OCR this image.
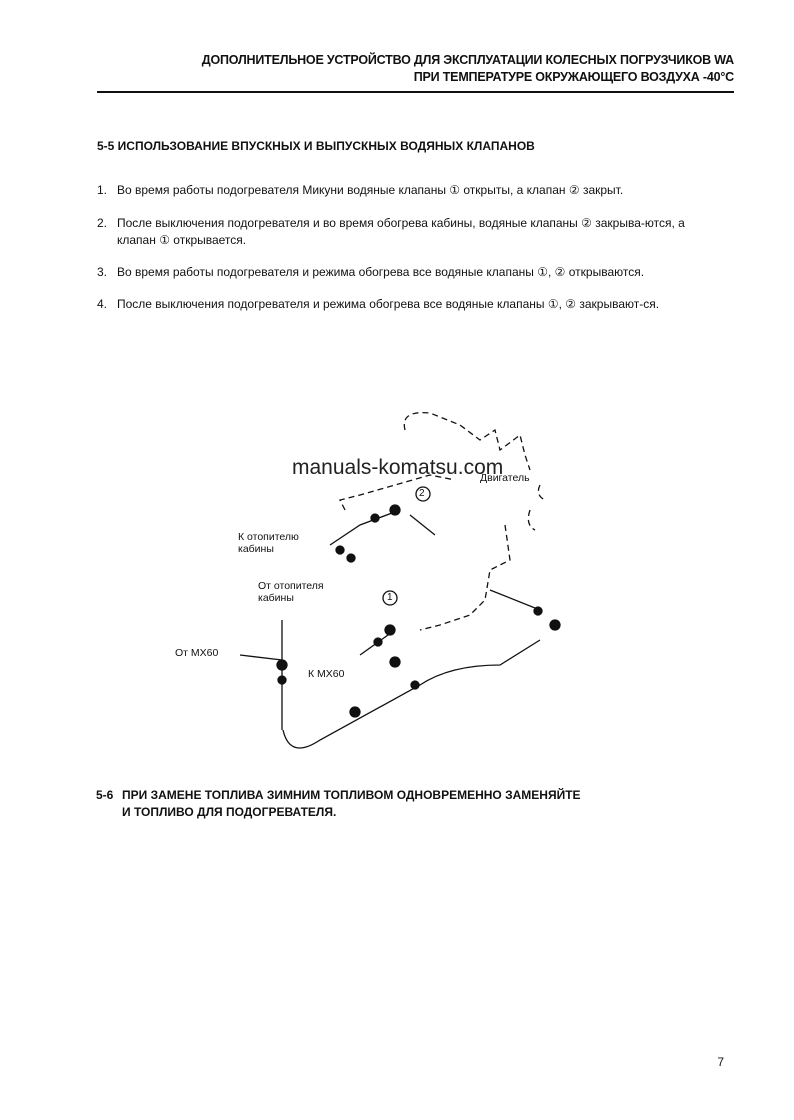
ДОПОЛНИТЕЛЬНОЕ УСТРОЙСТВО ДЛЯ ЭКСПЛУАТАЦИИ КОЛЕСНЫХ ПОГРУЗЧИКОВ WA
ПРИ ТЕМПЕРАТУРЕ ОКРУЖАЮЩЕГО ВОЗДУХА -40°С
5-5 ИСПОЛЬЗОВАНИЕ ВПУСКНЫХ И ВЫПУСКНЫХ ВОДЯНЫХ КЛАПАНОВ
1. Во время работы подогревателя Микуни водяные клапаны ① открыты, а клапан ② закрыт.
2. После выключения подогревателя и во время обогрева кабины, водяные клапаны ② закрыва-ются, а клапан ① открывается.
3. Во время работы подогревателя и режима обогрева все водяные клапаны ①, ② открываются.
4. После выключения подогревателя и режима обогрева все водяные клапаны ①, ② закрывают-ся.
Двигатель
2
1
К отопителю кабины
От отопителя кабины
От МХ60
К МХ60
manuals-komatsu.com
5-6 ПРИ ЗАМЕНЕ ТОПЛИВА ЗИМНИМ ТОПЛИВОМ ОДНОВРЕМЕННО ЗАМЕНЯЙТЕ
И ТОПЛИВО ДЛЯ ПОДОГРЕВАТЕЛЯ.
7
